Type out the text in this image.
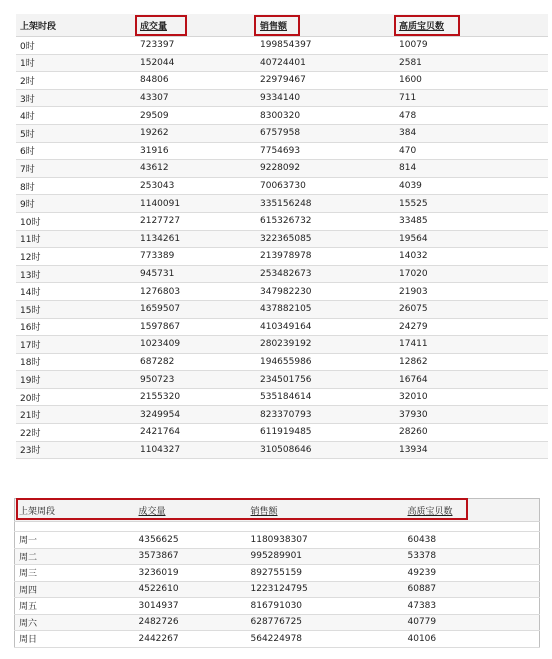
上架时段	成交量	销售额	高质宝贝数
0时	723397	199854397	10079
1时	152044	40724401	2581
2时	84806	22979467	1600
3时	43307	9334140	711
4时	29509	8300320	478
5时	19262	6757958	384
6时	31916	7754693	470
7时	43612	9228092	814
8时	253043	70063730	4039
9时	1140091	335156248	15525
10时	2127727	615326732	33485
11时	1134261	322365085	19564
12时	773389	213978978	14032
13时	945731	253482673	17020
14时	1276803	347982230	21903
15时	1659507	437882105	26075
16时	1597867	410349164	24279
17时	1023409	280239192	17411
18时	687282	194655986	12862
19时	950723	234501756	16764
20时	2155320	535184614	32010
21时	3249954	823370793	37930
22时	2421764	611919485	28260
23时	1104327	310508646	13934
上架周段	成交量	销售额	高质宝贝数

周一	4356625	1180938307	60438
周二	3573867	995289901	53378
周三	3236019	892755159	49239
周四	4522610	1223124795	60887
周五	3014937	816791030	47383
周六	2482726	628776725	40779
周日	2442267	564224978	40106
